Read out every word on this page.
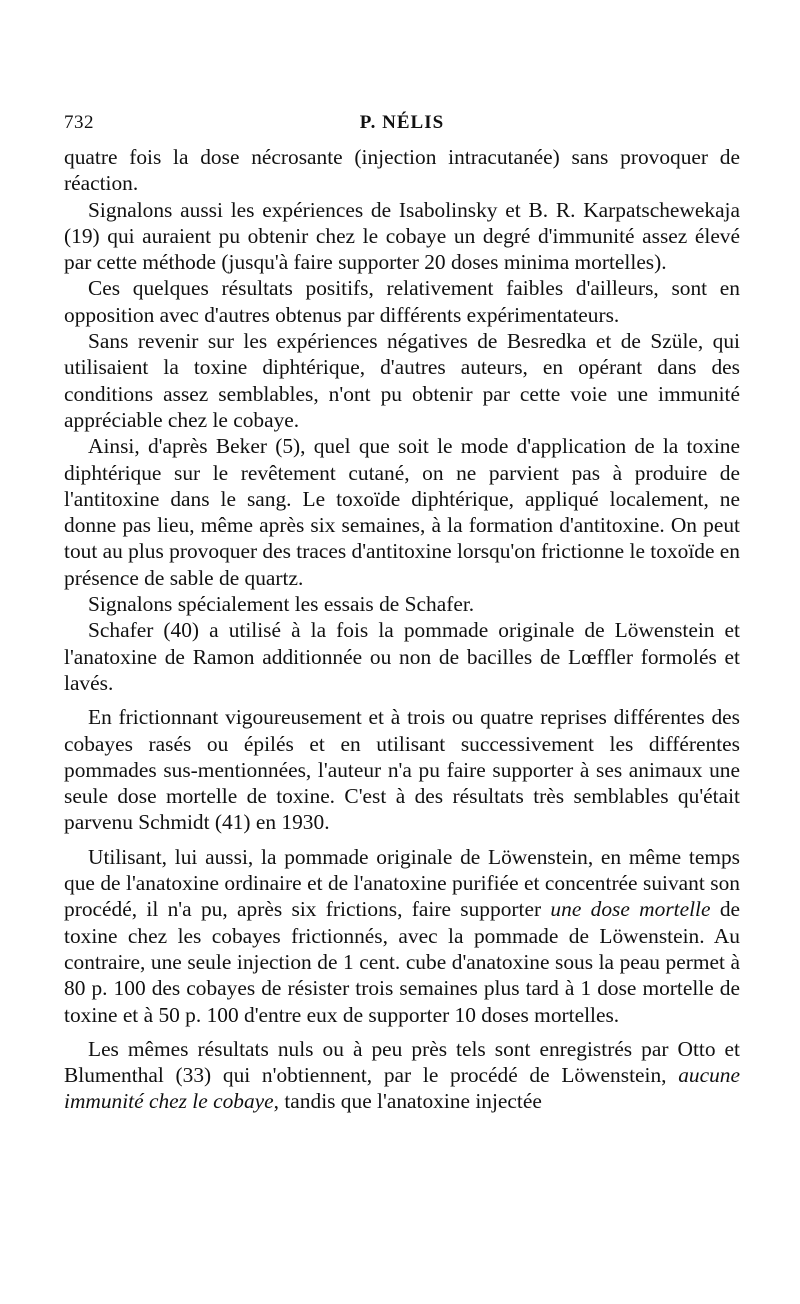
732	P. NÉLIS

quatre fois la dose nécrosante (injection intracutanée) sans provoquer de réaction.

Signalons aussi les expériences de Isabolinsky et B. R. Karpatschewekaja (19) qui auraient pu obtenir chez le cobaye un degré d'immunité assez élevé par cette méthode (jusqu'à faire supporter 20 doses minima mortelles).

Ces quelques résultats positifs, relativement faibles d'ailleurs, sont en opposition avec d'autres obtenus par différents expérimentateurs.

Sans revenir sur les expériences négatives de Besredka et de Szüle, qui utilisaient la toxine diphtérique, d'autres auteurs, en opérant dans des conditions assez semblables, n'ont pu obtenir par cette voie une immunité appréciable chez le cobaye.

Ainsi, d'après Beker (5), quel que soit le mode d'application de la toxine diphtérique sur le revêtement cutané, on ne parvient pas à produire de l'antitoxine dans le sang. Le toxoïde diphtérique, appliqué localement, ne donne pas lieu, même après six semaines, à la formation d'antitoxine. On peut tout au plus provoquer des traces d'antitoxine lorsqu'on frictionne le toxoïde en présence de sable de quartz.

Signalons spécialement les essais de Schafer.

Schafer (40) a utilisé à la fois la pommade originale de Löwenstein et l'anatoxine de Ramon additionnée ou non de bacilles de Lœffler formolés et lavés.

En frictionnant vigoureusement et à trois ou quatre reprises différentes des cobayes rasés ou épilés et en utilisant successivement les différentes pommades sus-mentionnées, l'auteur n'a pu faire supporter à ses animaux une seule dose mortelle de toxine. C'est à des résultats très semblables qu'était parvenu Schmidt (41) en 1930.

Utilisant, lui aussi, la pommade originale de Löwenstein, en même temps que de l'anatoxine ordinaire et de l'anatoxine purifiée et concentrée suivant son procédé, il n'a pu, après six frictions, faire supporter une dose mortelle de toxine chez les cobayes frictionnés, avec la pommade de Löwenstein. Au contraire, une seule injection de 1 cent. cube d'anatoxine sous la peau permet à 80 p. 100 des cobayes de résister trois semaines plus tard à 1 dose mortelle de toxine et à 50 p. 100 d'entre eux de supporter 10 doses mortelles.

Les mêmes résultats nuls ou à peu près tels sont enregistrés par Otto et Blumenthal (33) qui n'obtiennent, par le procédé de Löwenstein, aucune immunité chez le cobaye, tandis que l'anatoxine injectée
